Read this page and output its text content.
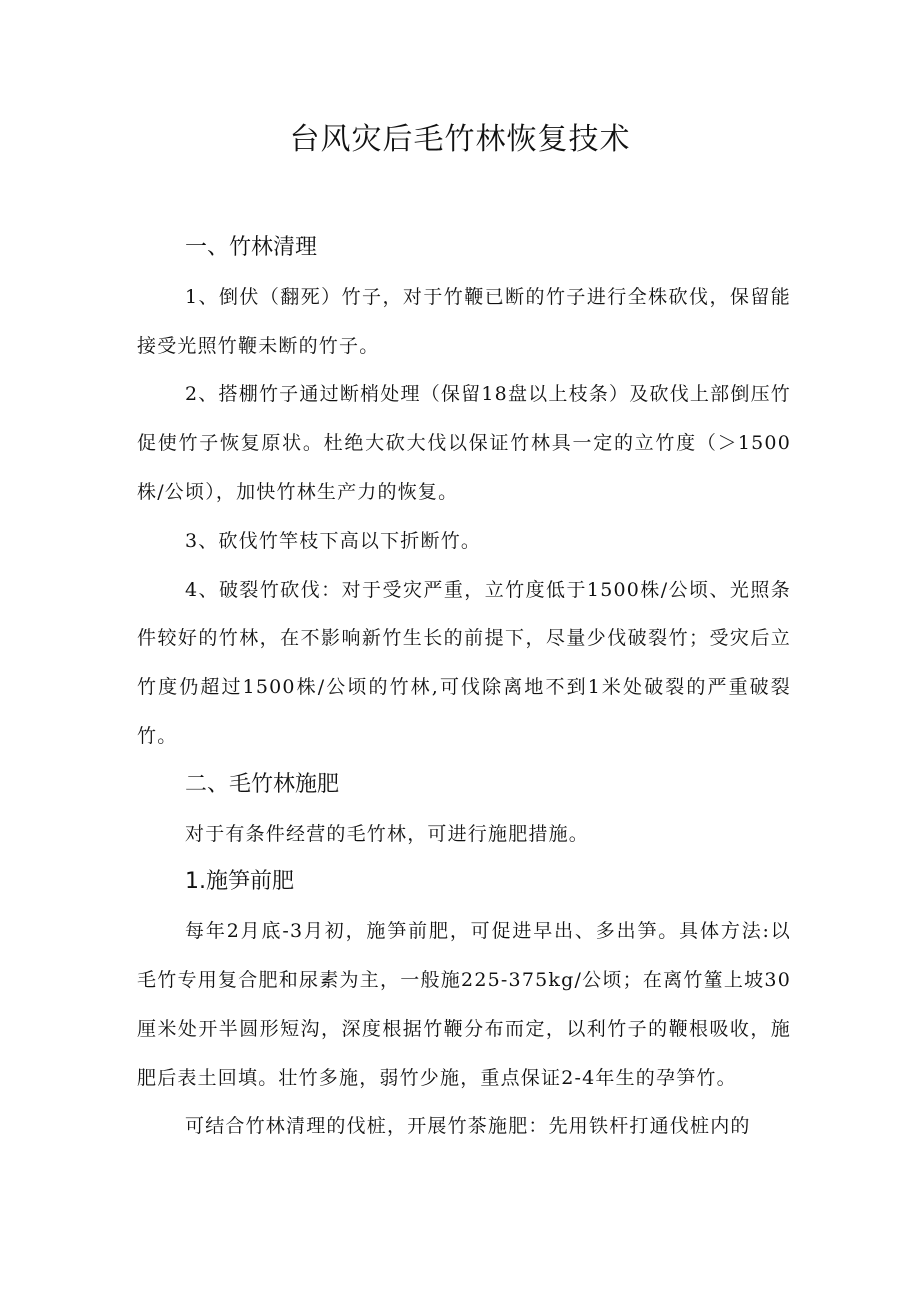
台风灾后毛竹林恢复技术

一、竹林清理

1、倒伏（翻死）竹子，对于竹鞭已断的竹子进行全株砍伐，保留能接受光照竹鞭未断的竹子。

2、搭棚竹子通过断梢处理（保留18盘以上枝条）及砍伐上部倒压竹促使竹子恢复原状。杜绝大砍大伐以保证竹林具一定的立竹度（＞1500株/公顷），加快竹林生产力的恢复。

3、砍伐竹竿枝下高以下折断竹。

4、破裂竹砍伐：对于受灾严重，立竹度低于1500株/公顷、光照条件较好的竹林，在不影响新竹生长的前提下，尽量少伐破裂竹；受灾后立竹度仍超过1500株/公顷的竹林,可伐除离地不到1米处破裂的严重破裂竹。

二、毛竹林施肥

对于有条件经营的毛竹林，可进行施肥措施。

1.施笋前肥

每年2月底-3月初，施笋前肥，可促进早出、多出笋。具体方法:以毛竹专用复合肥和尿素为主，一般施225-375kg/公顷；在离竹䈽上坡30厘米处开半圆形短沟，深度根据竹鞭分布而定，以利竹子的鞭根吸收，施肥后表土回填。壮竹多施，弱竹少施，重点保证2-4年生的孕笋竹。

可结合竹林清理的伐桩，开展竹茶施肥：先用铁杆打通伐桩内的
